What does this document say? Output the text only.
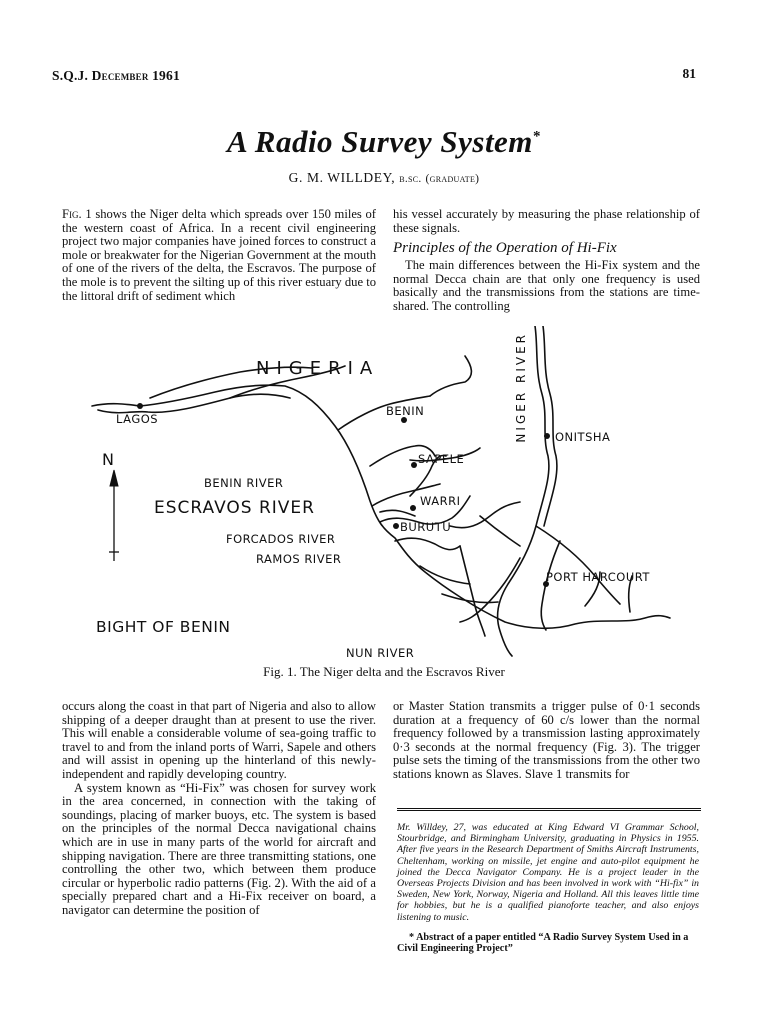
S.Q.J. December 1961	81
A Radio Survey System*
G. M. WILLDEY, b.sc. (graduate)

Fig. 1 shows the Niger delta which spreads over 150 miles of the western coast of Africa. In a recent civil engineering project two major companies have joined forces to construct a mole or breakwater for the Nigerian Government at the mouth of one of the rivers of the delta, the Escravos. The purpose of the mole is to prevent the silting up of this river estuary due to the littoral drift of sediment which

his vessel accurately by measuring the phase relationship of these signals.

Principles of the Operation of Hi-Fix

The main differences between the Hi-Fix system and the normal Decca chain are that only one frequency is used basically and the transmissions from the stations are time-shared. The controlling

NIGERIA	NIGER RIVER
LAGOS
BENIN
ONITSHA
N	SAPELE
BENIN RIVER
WARRI
ESCRAVOS RIVER
BURUTU
FORCADOS RIVER
RAMOS RIVER
PORT HARCOURT
BIGHT OF BENIN
NUN RIVER
Fig. 1. The Niger delta and the Escravos River

occurs along the coast in that part of Nigeria and also to allow shipping of a deeper draught than at present to use the river. This will enable a considerable volume of sea-going traffic to travel to and from the inland ports of Warri, Sapele and others and will assist in opening up the hinterland of this newly-independent and rapidly developing country.

A system known as “Hi-Fix” was chosen for survey work in the area concerned, in connection with the taking of soundings, placing of marker buoys, etc. The system is based on the principles of the normal Decca navigational chains which are in use in many parts of the world for aircraft and shipping navigation. There are three transmitting stations, one controlling the other two, which between them produce circular or hyperbolic radio patterns (Fig. 2). With the aid of a specially prepared chart and a Hi-Fix receiver on board, a navigator can determine the position of

or Master Station transmits a trigger pulse of 0·1 seconds duration at a frequency of 60 c/s lower than the normal frequency followed by a transmission lasting approximately 0·3 seconds at the normal frequency (Fig. 3). The trigger pulse sets the timing of the transmissions from the other two stations known as Slaves. Slave 1 transmits for

Mr. Willdey, 27, was educated at King Edward VI Grammar School, Stourbridge, and Birmingham University, graduating in Physics in 1955. After five years in the Research Department of Smiths Aircraft Instruments, Cheltenham, working on missile, jet engine and auto-pilot equipment he joined the Decca Navigator Company. He is a project leader in the Overseas Projects Division and has been involved in work with “Hi-fix” in Sweden, New York, Norway, Nigeria and Holland. All this leaves little time for hobbies, but he is a qualified pianoforte teacher, and also enjoys listening to music.
* Abstract of a paper entitled “A Radio Survey System Used in a Civil Engineering Project”
